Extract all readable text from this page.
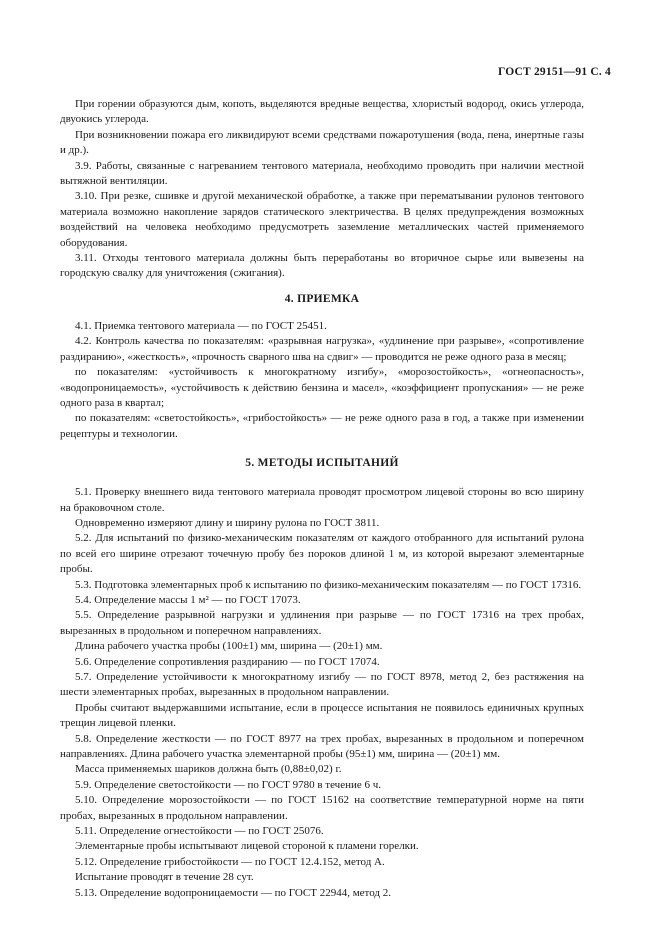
ГОСТ 29151—91 С. 4

При горении образуются дым, копоть, выделяются вредные вещества, хлористый водород, окись углерода, двуокись углерода.

При возникновении пожара его ликвидируют всеми средствами пожаротушения (вода, пена, инертные газы и др.).

3.9. Работы, связанные с нагреванием тентового материала, необходимо проводить при наличии местной вытяжной вентиляции.

3.10. При резке, сшивке и другой механической обработке, а также при перематывании рулонов тентового материала возможно накопление зарядов статического электричества. В целях предупреждения возможных воздействий на человека необходимо предусмотреть заземление металлических частей применяемого оборудования.

3.11. Отходы тентового материала должны быть переработаны во вторичное сырье или вывезены на городскую свалку для уничтожения (сжигания).

4. ПРИЕМКА

4.1. Приемка тентового материала — по ГОСТ 25451.

4.2. Контроль качества по показателям: «разрывная нагрузка», «удлинение при разрыве», «сопротивление раздиранию», «жесткость», «прочность сварного шва на сдвиг» — проводится не реже одного раза в месяц;

по показателям: «устойчивость к многократному изгибу», «морозостойкость», «огнеопасность», «водопроницаемость», «устойчивость к действию бензина и масел», «коэффициент пропускания» — не реже одного раза в квартал;

по показателям: «светостойкость», «грибостойкость» — не реже одного раза в год, а также при изменении рецептуры и технологии.

5. МЕТОДЫ ИСПЫТАНИЙ

5.1. Проверку внешнего вида тентового материала проводят просмотром лицевой стороны во всю ширину на браковочном столе.

Одновременно измеряют длину и ширину рулона по ГОСТ 3811.

5.2. Для испытаний по физико-механическим показателям от каждого отобранного для испытаний рулона по всей его ширине отрезают точечную пробу без пороков длиной 1 м, из которой вырезают элементарные пробы.

5.3. Подготовка элементарных проб к испытанию по физико-механическим показателям — по ГОСТ 17316.

5.4. Определение массы 1 м² — по ГОСТ 17073.

5.5. Определение разрывной нагрузки и удлинения при разрыве — по ГОСТ 17316 на трех пробах, вырезанных в продольном и поперечном направлениях.

Длина рабочего участка пробы (100±1) мм, ширина — (20±1) мм.

5.6. Определение сопротивления раздиранию — по ГОСТ 17074.

5.7. Определение устойчивости к многократному изгибу — по ГОСТ 8978, метод 2, без растяжения на шести элементарных пробах, вырезанных в продольном направлении.

Пробы считают выдержавшими испытание, если в процессе испытания не появилось единичных крупных трещин лицевой пленки.

5.8. Определение жесткости — по ГОСТ 8977 на трех пробах, вырезанных в продольном и поперечном направлениях. Длина рабочего участка элементарной пробы (95±1) мм, ширина — (20±1) мм.

Масса применяемых шариков должна быть (0,88±0,02) г.

5.9. Определение светостойкости — по ГОСТ 9780 в течение 6 ч.

5.10. Определение морозостойкости — по ГОСТ 15162 на соответствие температурной норме на пяти пробах, вырезанных в продольном направлении.

5.11. Определение огнестойкости — по ГОСТ 25076.

Элементарные пробы испытывают лицевой стороной к пламени горелки.

5.12. Определение грибостойкости — по ГОСТ 12.4.152, метод А.

Испытание проводят в течение 28 сут.

5.13. Определение водопроницаемости — по ГОСТ 22944, метод 2.
